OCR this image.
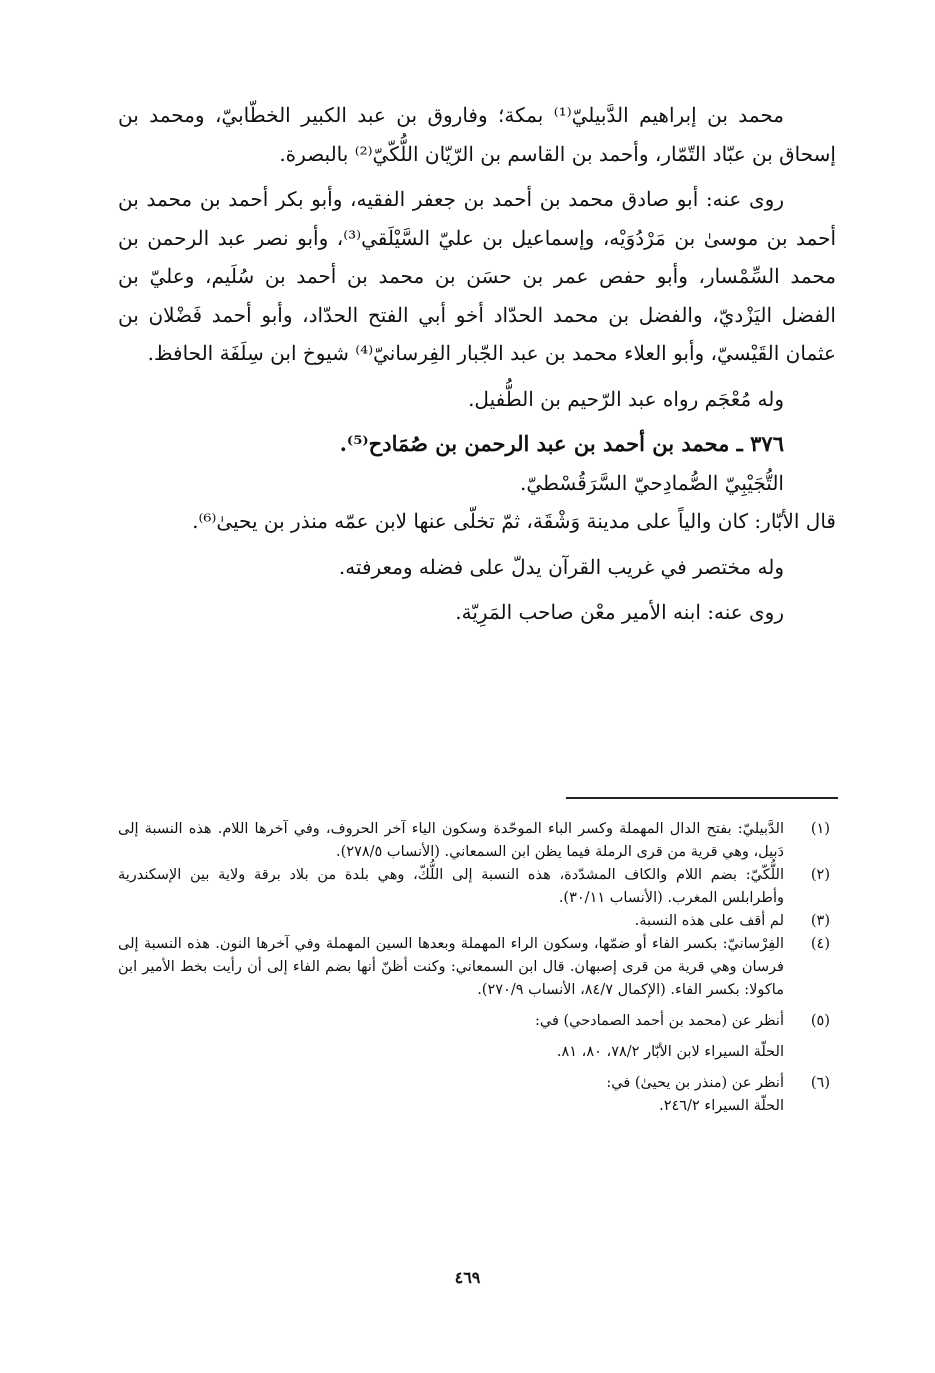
محمد بن إبراهيم الدَّبيليّ⁽¹⁾ بمكة؛ وفاروق بن عبد الكبير الخطّابيّ، ومحمد بن إسحاق بن عبّاد التّمّار، وأحمد بن القاسم بن الرّيّان اللُّكّيّ⁽²⁾ بالبصرة.

روى عنه: أبو صادق محمد بن أحمد بن جعفر الفقيه، وأبو بكر أحمد بن محمد بن أحمد بن موسىٰ بن مَرْدُوَيْه، وإسماعيل بن عليّ السَّيْلَقي⁽³⁾، وأبو نصر عبد الرحمن بن محمد السِّمْسار، وأبو حفص عمر بن حسَن بن محمد بن أحمد بن سُلَيم، وعليّ بن الفضل اليَزْديّ، والفضل بن محمد الحدّاد أخو أبي الفتح الحدّاد، وأبو أحمد فَضْلان بن عثمان القَيْسيّ، وأبو العلاء محمد بن عبد الجّبار الفِرسانيّ⁽⁴⁾ شيوخ ابن سِلَفَة الحافظ.

وله مُعْجَم رواه عبد الرّحيم بن الطُّفيل.

٣٧٦ ـ محمد بن أحمد بن عبد الرحمن بن صُمَادح⁽⁵⁾.

التُّجَيْبِيّ الصُّمادِحيّ السَّرَقُسْطيّ.

قال الأبّار: كان والياً على مدينة وَشْقَة، ثمّ تخلّى عنها لابن عمّه منذر بن يحيىٰ⁽⁶⁾.

وله مختصر في غريب القرآن يدلّ على فضله ومعرفته.

روى عنه: ابنه الأمير معْن صاحب المَرِيّة.

(١)
الدَّبيليّ: بفتح الدال المهملة وكسر الباء الموحّدة وسكون الياء آخر الحروف، وفي آخرها اللام. هذه النسبة إلى دَبيل، وهي قرية من قرى الرملة فيما يظن ابن السمعاني. (الأنساب ٢٧٨/٥).
(٢)
اللُّكّيّ: بضم اللام والكاف المشدّدة، هذه النسبة إلى اللُّكّ، وهي بلدة من بلاد برقة ولاية بين الإسكندرية وأطرابلس المغرب. (الأنساب ٣٠/١١).
(٣)
لم أقف على هذه النسبة.
(٤)
الفِرْسانيّ: بكسر الفاء أو ضمّها، وسكون الراء المهملة وبعدها السين المهملة وفي آخرها النون. هذه النسبة إلى فرسان وهي قرية من قرى إصبهان. قال ابن السمعاني: وكنت أظنّ أنها بضم الفاء إلى أن رأيت بخط الأمير ابن ماكولا: بكسر الفاء. (الإكمال ٨٤/٧، الأنساب ٢٧٠/٩).
(٥)
أنظر عن (محمد بن أحمد الصمادحي) في:
الحلّة السيراء لابن الأبّار ٧٨/٢، ٨٠، ٨١.
(٦)
أنظر عن (منذر بن يحيىٰ) في:
الحلّة السيراء ٢٤٦/٢.
٤٦٩
